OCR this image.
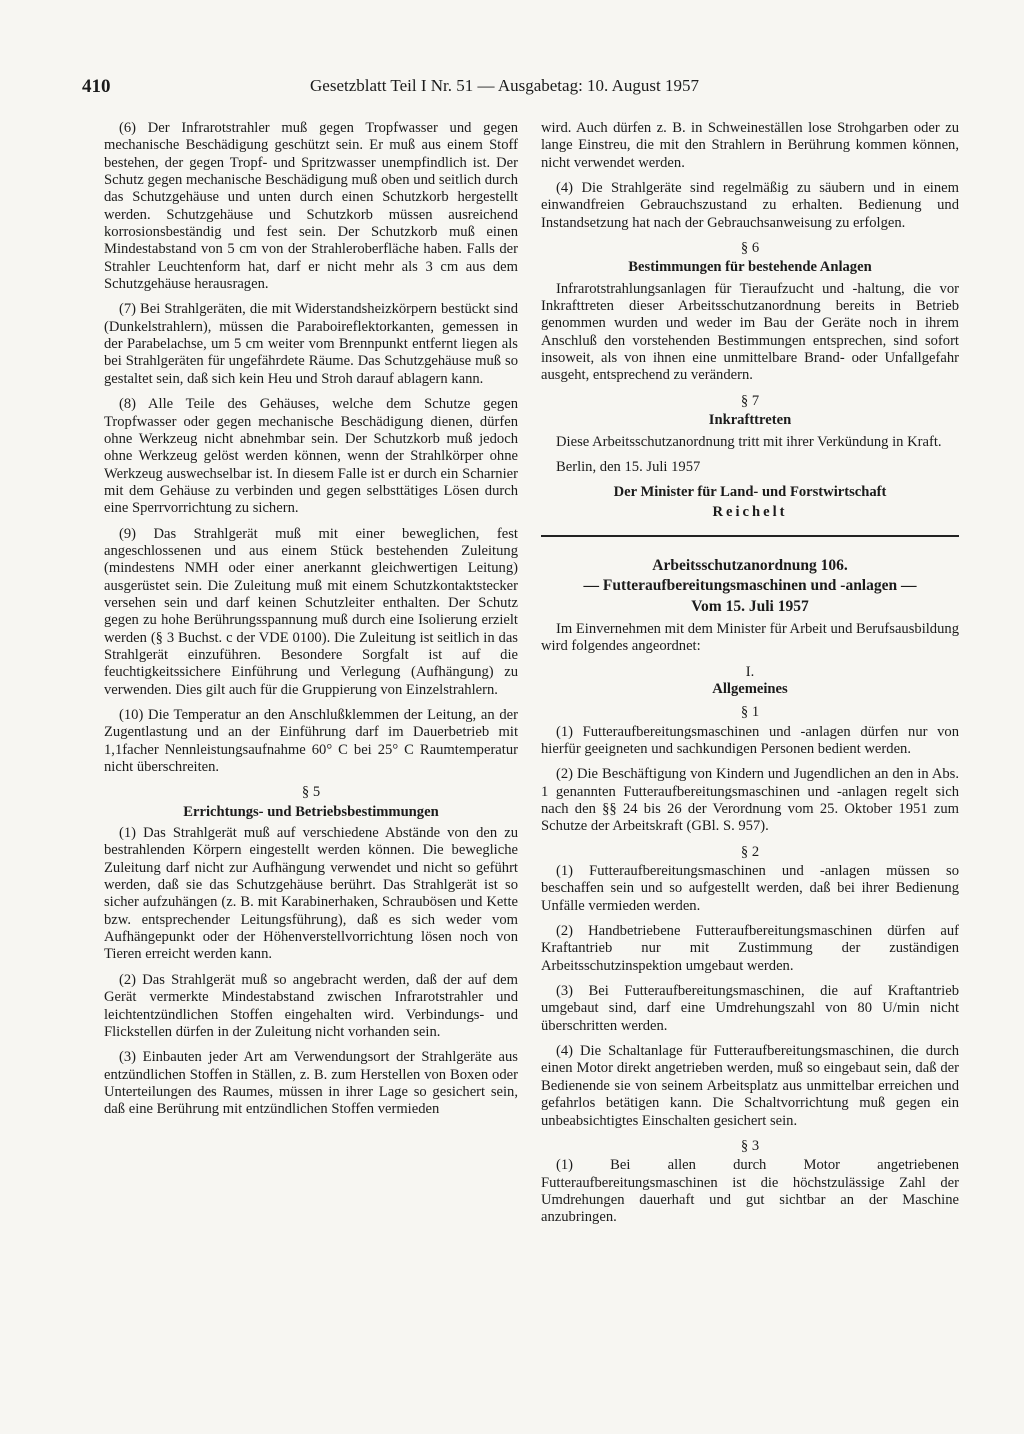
410	Gesetzblatt Teil I Nr. 51 — Ausgabetag: 10. August 1957

(6) Der Infrarotstrahler muß gegen Tropfwasser und gegen mechanische Beschädigung geschützt sein. Er muß aus einem Stoff bestehen, der gegen Tropf- und Spritzwasser unempfindlich ist. Der Schutz gegen mechanische Beschädigung muß oben und seitlich durch das Schutzgehäuse und unten durch einen Schutzkorb hergestellt werden. Schutzgehäuse und Schutzkorb müssen ausreichend korrosionsbeständig und fest sein. Der Schutzkorb muß einen Mindestabstand von 5 cm von der Strahleroberfläche haben. Falls der Strahler Leuchtenform hat, darf er nicht mehr als 3 cm aus dem Schutzgehäuse herausragen.

(7) Bei Strahlgeräten, die mit Widerstandsheizkörpern bestückt sind (Dunkelstrahlern), müssen die Paraboireflektorkanten, gemessen in der Parabelachse, um 5 cm weiter vom Brennpunkt entfernt liegen als bei Strahlgeräten für ungefährdete Räume. Das Schutzgehäuse muß so gestaltet sein, daß sich kein Heu und Stroh darauf ablagern kann.

(8) Alle Teile des Gehäuses, welche dem Schutze gegen Tropfwasser oder gegen mechanische Beschädigung dienen, dürfen ohne Werkzeug nicht abnehmbar sein. Der Schutzkorb muß jedoch ohne Werkzeug gelöst werden können, wenn der Strahlkörper ohne Werkzeug auswechselbar ist. In diesem Falle ist er durch ein Scharnier mit dem Gehäuse zu verbinden und gegen selbsttätiges Lösen durch eine Sperrvorrichtung zu sichern.

(9) Das Strahlgerät muß mit einer beweglichen, fest angeschlossenen und aus einem Stück bestehenden Zuleitung (mindestens NMH oder einer anerkannt gleichwertigen Leitung) ausgerüstet sein. Die Zuleitung muß mit einem Schutzkontaktstecker versehen sein und darf keinen Schutzleiter enthalten. Der Schutz gegen zu hohe Berührungsspannung muß durch eine Isolierung erzielt werden (§ 3 Buchst. c der VDE 0100). Die Zuleitung ist seitlich in das Strahlgerät einzuführen. Besondere Sorgfalt ist auf die feuchtigkeitssichere Einführung und Verlegung (Aufhängung) zu verwenden. Dies gilt auch für die Gruppierung von Einzelstrahlern.

(10) Die Temperatur an den Anschlußklemmen der Leitung, an der Zugentlastung und an der Einführung darf im Dauerbetrieb mit 1,1facher Nennleistungsaufnahme 60° C bei 25° C Raumtemperatur nicht überschreiten.

§ 5
Errichtungs- und Betriebsbestimmungen

(1) Das Strahlgerät muß auf verschiedene Abstände von den zu bestrahlenden Körpern eingestellt werden können. Die bewegliche Zuleitung darf nicht zur Aufhängung verwendet und nicht so geführt werden, daß sie das Schutzgehäuse berührt. Das Strahlgerät ist so sicher aufzuhängen (z. B. mit Karabinerhaken, Schraubösen und Kette bzw. entsprechender Leitungsführung), daß es sich weder vom Aufhängepunkt oder der Höhenverstellvorrichtung lösen noch von Tieren erreicht werden kann.

(2) Das Strahlgerät muß so angebracht werden, daß der auf dem Gerät vermerkte Mindestabstand zwischen Infrarotstrahler und leichtentzündlichen Stoffen eingehalten wird. Verbindungs- und Flickstellen dürfen in der Zuleitung nicht vorhanden sein.

(3) Einbauten jeder Art am Verwendungsort der Strahlgeräte aus entzündlichen Stoffen in Ställen, z. B. zum Herstellen von Boxen oder Unterteilungen des Raumes, müssen in ihrer Lage so gesichert sein, daß eine Berührung mit entzündlichen Stoffen vermieden

wird. Auch dürfen z. B. in Schweineställen lose Strohgarben oder zu lange Einstreu, die mit den Strahlern in Berührung kommen können, nicht verwendet werden.

(4) Die Strahlgeräte sind regelmäßig zu säubern und in einem einwandfreien Gebrauchszustand zu erhalten. Bedienung und Instandsetzung hat nach der Gebrauchsanweisung zu erfolgen.

§ 6
Bestimmungen für bestehende Anlagen

Infrarotstrahlungsanlagen für Tieraufzucht und -haltung, die vor Inkrafttreten dieser Arbeitsschutzanordnung bereits in Betrieb genommen wurden und weder im Bau der Geräte noch in ihrem Anschluß den vorstehenden Bestimmungen entsprechen, sind sofort insoweit, als von ihnen eine unmittelbare Brand- oder Unfallgefahr ausgeht, entsprechend zu verändern.

§ 7
Inkrafttreten

Diese Arbeitsschutzanordnung tritt mit ihrer Verkündung in Kraft.

Berlin, den 15. Juli 1957

Der Minister für Land- und Forstwirtschaft
Reichelt
Arbeitsschutzanordnung 106.
— Futteraufbereitungsmaschinen und -anlagen —
Vom 15. Juli 1957

Im Einvernehmen mit dem Minister für Arbeit und Berufsausbildung wird folgendes angeordnet:

I.
Allgemeines
§ 1

(1) Futteraufbereitungsmaschinen und -anlagen dürfen nur von hierfür geeigneten und sachkundigen Personen bedient werden.

(2) Die Beschäftigung von Kindern und Jugendlichen an den in Abs. 1 genannten Futteraufbereitungsmaschinen und -anlagen regelt sich nach den §§ 24 bis 26 der Verordnung vom 25. Oktober 1951 zum Schutze der Arbeitskraft (GBl. S. 957).

§ 2

(1) Futteraufbereitungsmaschinen und -anlagen müssen so beschaffen sein und so aufgestellt werden, daß bei ihrer Bedienung Unfälle vermieden werden.

(2) Handbetriebene Futteraufbereitungsmaschinen dürfen auf Kraftantrieb nur mit Zustimmung der zuständigen Arbeitsschutzinspektion umgebaut werden.

(3) Bei Futteraufbereitungsmaschinen, die auf Kraftantrieb umgebaut sind, darf eine Umdrehungszahl von 80 U/min nicht überschritten werden.

(4) Die Schaltanlage für Futteraufbereitungsmaschinen, die durch einen Motor direkt angetrieben werden, muß so eingebaut sein, daß der Bedienende sie von seinem Arbeitsplatz aus unmittelbar erreichen und gefahrlos betätigen kann. Die Schaltvorrichtung muß gegen ein unbeabsichtigtes Einschalten gesichert sein.

§ 3

(1) Bei allen durch Motor angetriebenen Futteraufbereitungsmaschinen ist die höchstzulässige Zahl der Umdrehungen dauerhaft und gut sichtbar an der Maschine anzubringen.
